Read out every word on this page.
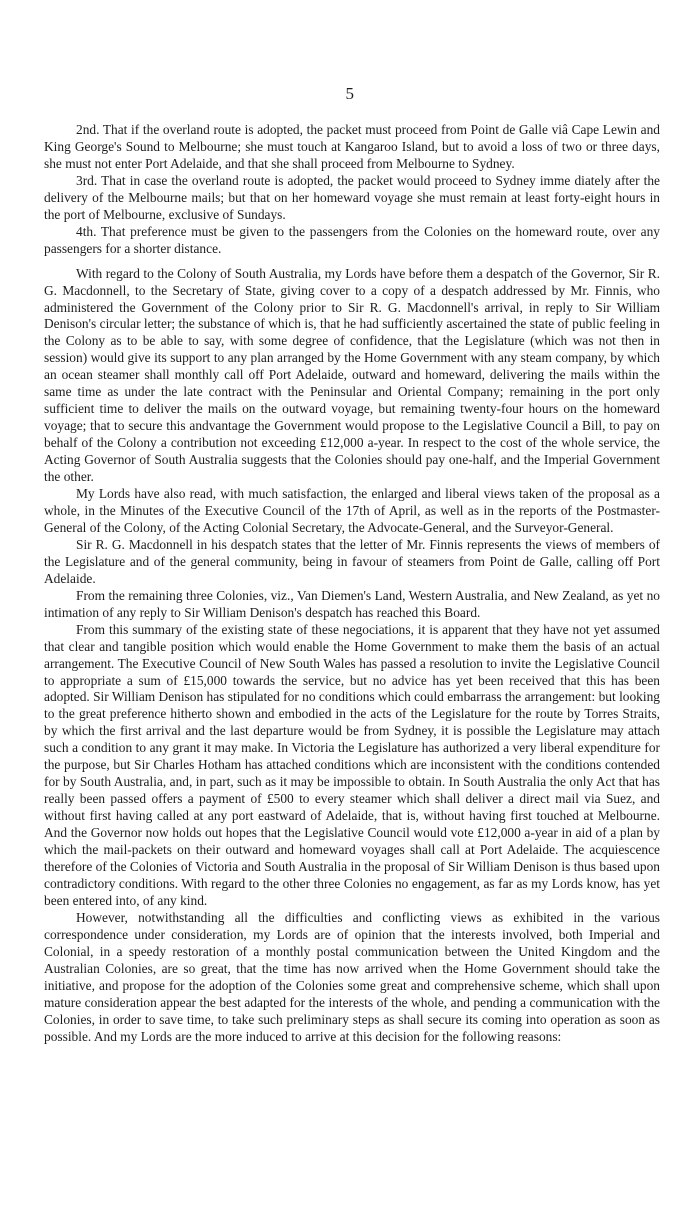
5

2nd. That if the overland route is adopted, the packet must proceed from Point de Galle viâ Cape Lewin and King George's Sound to Melbourne; she must touch at Kangaroo Island, but to avoid a loss of two or three days, she must not enter Port Adelaide, and that she shall proceed from Melbourne to Sydney.

3rd. That in case the overland route is adopted, the packet would proceed to Sydney imme diately after the delivery of the Melbourne mails; but that on her homeward voyage she must remain at least forty-eight hours in the port of Melbourne, exclusive of Sundays.

4th. That preference must be given to the passengers from the Colonies on the homeward route, over any passengers for a shorter distance.

With regard to the Colony of South Australia, my Lords have before them a despatch of the Governor, Sir R. G. Macdonnell, to the Secretary of State, giving cover to a copy of a despatch addressed by Mr. Finnis, who administered the Government of the Colony prior to Sir R. G. Macdonnell's arrival, in reply to Sir William Denison's circular letter; the substance of which is, that he had sufficiently ascertained the state of public feeling in the Colony as to be able to say, with some degree of confidence, that the Legislature (which was not then in session) would give its support to any plan arranged by the Home Government with any steam company, by which an ocean steamer shall monthly call off Port Adelaide, outward and homeward, delivering the mails within the same time as under the late contract with the Peninsular and Oriental Company; remaining in the port only sufficient time to deliver the mails on the outward voyage, but remaining twenty-four hours on the homeward voyage; that to secure this andvantage the Government would propose to the Legislative Council a Bill, to pay on behalf of the Colony a contribution not exceeding £12,000 a-year. In respect to the cost of the whole service, the Acting Governor of South Australia suggests that the Colonies should pay one-half, and the Imperial Government the other.

My Lords have also read, with much satisfaction, the enlarged and liberal views taken of the proposal as a whole, in the Minutes of the Executive Council of the 17th of April, as well as in the reports of the Postmaster-General of the Colony, of the Acting Colonial Secretary, the Advocate-General, and the Surveyor-General.

Sir R. G. Macdonnell in his despatch states that the letter of Mr. Finnis represents the views of members of the Legislature and of the general community, being in favour of steamers from Point de Galle, calling off Port Adelaide.

From the remaining three Colonies, viz., Van Diemen's Land, Western Australia, and New Zealand, as yet no intimation of any reply to Sir William Denison's despatch has reached this Board.

From this summary of the existing state of these negociations, it is apparent that they have not yet assumed that clear and tangible position which would enable the Home Government to make them the basis of an actual arrangement. The Executive Council of New South Wales has passed a resolution to invite the Legislative Council to appropriate a sum of £15,000 towards the service, but no advice has yet been received that this has been adopted. Sir William Denison has stipulated for no conditions which could embarrass the arrangement: but looking to the great preference hitherto shown and embodied in the acts of the Legislature for the route by Torres Straits, by which the first arrival and the last departure would be from Sydney, it is possible the Legislature may attach such a condition to any grant it may make. In Victoria the Legislature has authorized a very liberal expenditure for the purpose, but Sir Charles Hotham has attached conditions which are inconsistent with the conditions contended for by South Australia, and, in part, such as it may be impossible to obtain. In South Australia the only Act that has really been passed offers a payment of £500 to every steamer which shall deliver a direct mail via Suez, and without first having called at any port eastward of Adelaide, that is, without having first touched at Melbourne. And the Governor now holds out hopes that the Legislative Council would vote £12,000 a-year in aid of a plan by which the mail-packets on their outward and homeward voyages shall call at Port Adelaide. The acquiescence therefore of the Colonies of Victoria and South Australia in the proposal of Sir William Denison is thus based upon contradictory conditions. With regard to the other three Colonies no engagement, as far as my Lords know, has yet been entered into, of any kind.

However, notwithstanding all the difficulties and conflicting views as exhibited in the various correspondence under consideration, my Lords are of opinion that the interests involved, both Imperial and Colonial, in a speedy restoration of a monthly postal communication between the United Kingdom and the Australian Colonies, are so great, that the time has now arrived when the Home Government should take the initiative, and propose for the adoption of the Colonies some great and comprehensive scheme, which shall upon mature consideration appear the best adapted for the interests of the whole, and pending a communication with the Colonies, in order to save time, to take such preliminary steps as shall secure its coming into operation as soon as possible. And my Lords are the more induced to arrive at this decision for the following reasons:
